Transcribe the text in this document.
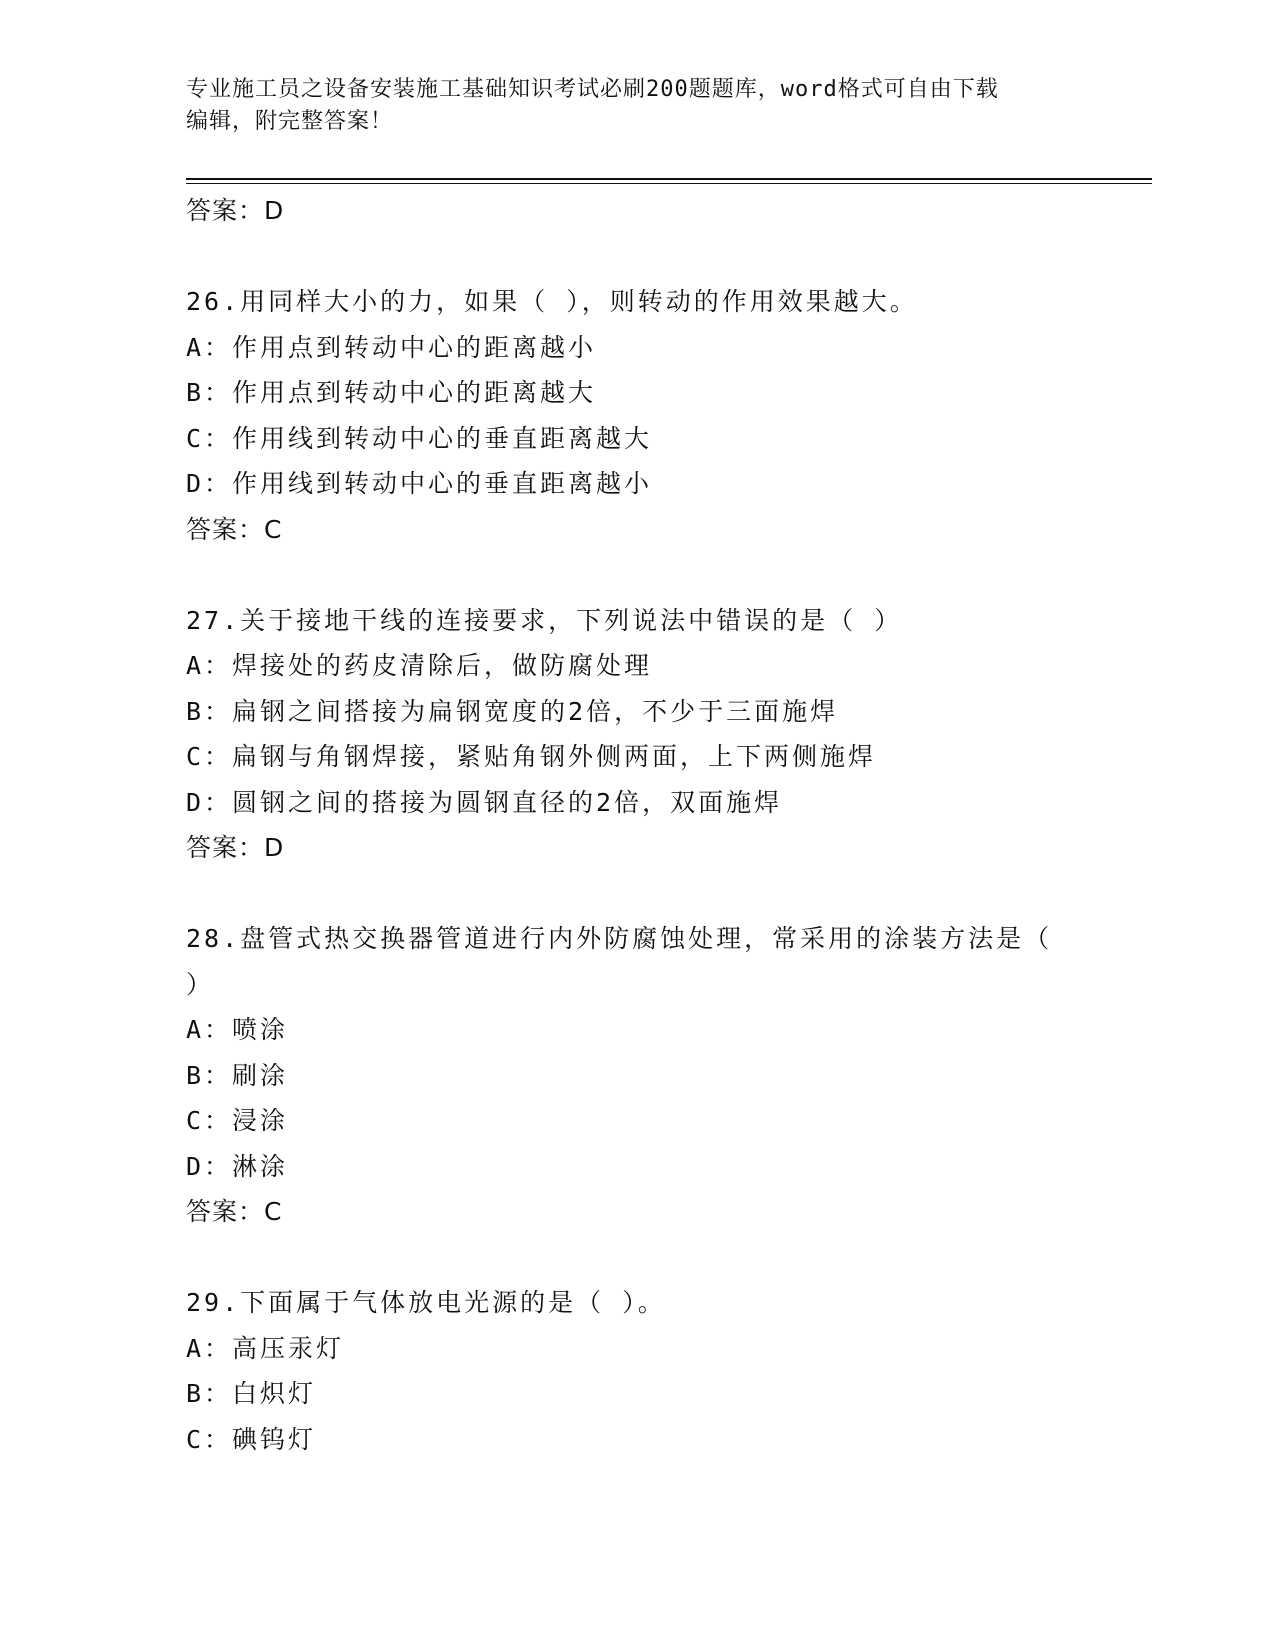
专业施工员之设备安装施工基础知识考试必刷200题题库，word格式可自由下载
编辑，附完整答案！
答案：D
26.用同样大小的力，如果（ ），则转动的作用效果越大。
A：作用点到转动中心的距离越小
B：作用点到转动中心的距离越大
C：作用线到转动中心的垂直距离越大
D：作用线到转动中心的垂直距离越小
答案：C
27.关于接地干线的连接要求，下列说法中错误的是（ ）
A：焊接处的药皮清除后，做防腐处理
B：扁钢之间搭接为扁钢宽度的2倍，不少于三面施焊
C：扁钢与角钢焊接，紧贴角钢外侧两面，上下两侧施焊
D：圆钢之间的搭接为圆钢直径的2倍，双面施焊
答案：D
28.盘管式热交换器管道进行内外防腐蚀处理，常采用的涂装方法是（
）
A：喷涂
B：刷涂
C：浸涂
D：淋涂
答案：C
29.下面属于气体放电光源的是（ ）。
A：高压汞灯
B：白炽灯
C：碘钨灯
